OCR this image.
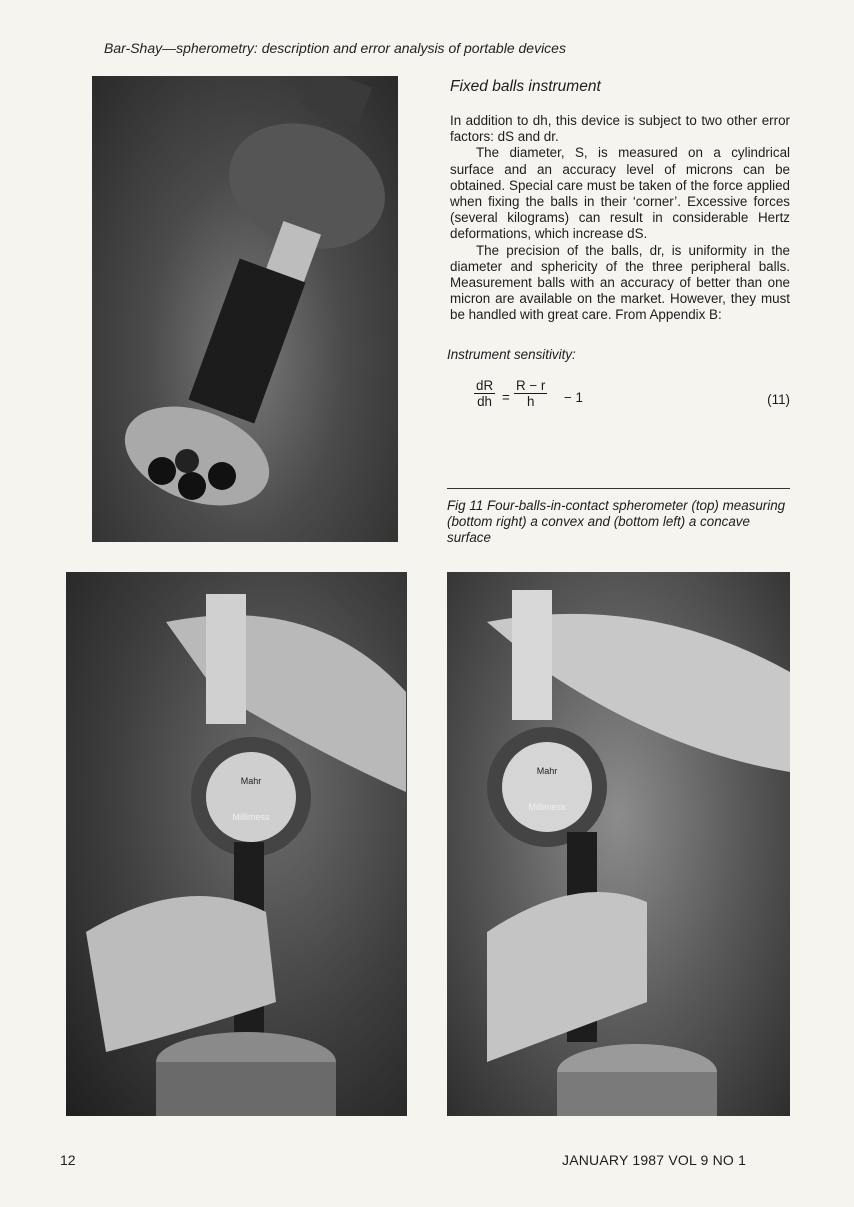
Bar-Shay—spherometry: description and error analysis of portable devices
Fixed balls instrument

In addition to dh, this device is subject to two other error factors: dS and dr.

The diameter, S, is measured on a cylindrical surface and an accuracy level of microns can be obtained. Special care must be taken of the force applied when fixing the balls in their ‘corner’. Excessive forces (several kilograms) can result in considerable Hertz deformations, which increase dS.

The precision of the balls, dr, is uniformity in the diameter and sphericity of the three peripheral balls. Measurement balls with an accuracy of better than one micron are available on the market. However, they must be handled with great care. From Appendix B:

Instrument sensitivity:
$\frac{dR}{dh} = \frac{R - r}{h} - 1$	(11)
Fig 11 Four-balls-in-contact spherometer (top) measuring (bottom right) a convex and (bottom left) a concave surface
Mahr
Millimess
Mahr
Millimess
12	JANUARY 1987 VOL 9 NO 1
